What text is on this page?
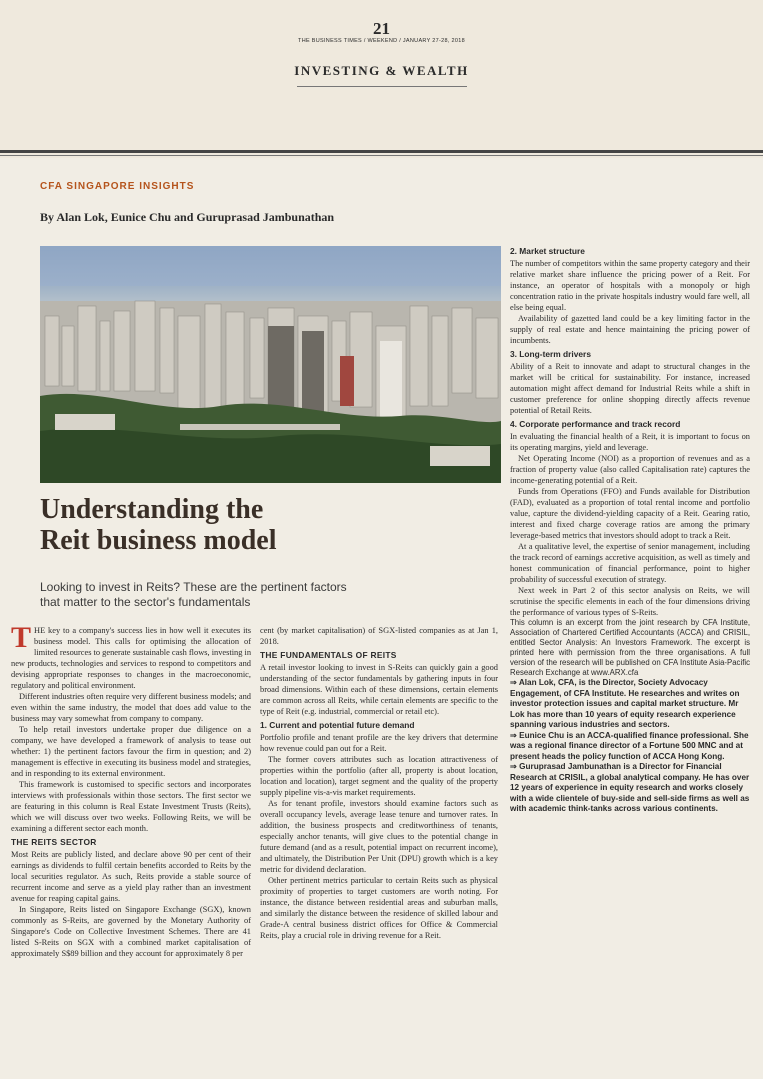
21
THE BUSINESS TIMES / WEEKEND / JANUARY 27-28, 2018
INVESTING & WEALTH
CFA SINGAPORE INSIGHTS
By Alan Lok, Eunice Chu and Guruprasad Jambunathan
Understanding the
Reit business model
Looking to invest in Reits? These are the pertinent factors that matter to the sector's fundamentals

THE key to a company's success lies in how well it executes its business model. This calls for optimising the allocation of limited resources to generate sustainable cash flows, investing in new products, technologies and services to respond to competitors and devising appropriate responses to changes in the macroeconomic, regulatory and political environment.

Different industries often require very different business models; and even within the same industry, the model that does add value to the business may vary somewhat from company to company.

To help retail investors undertake proper due diligence on a company, we have developed a framework of analysis to tease out whether: 1) the pertinent factors favour the firm in question; and 2) management is effective in executing its business model and strategies, and in responding to its external environment.

This framework is customised to specific sectors and incorporates interviews with professionals within those sectors. The first sector we are featuring in this column is Real Estate Investment Trusts (Reits), which we will discuss over two weeks. Following Reits, we will be examining a different sector each month.

THE REITS SECTOR

Most Reits are publicly listed, and declare above 90 per cent of their earnings as dividends to fulfil certain benefits accorded to Reits by the local securities regulator. As such, Reits provide a stable source of recurrent income and serve as a yield play rather than an investment avenue for reaping capital gains.

In Singapore, Reits listed on Singapore Exchange (SGX), known commonly as S-Reits, are governed by the Monetary Authority of Singapore's Code on Collective Investment Schemes. There are 41 listed S-Reits on SGX with a combined market capitalisation of approximately S$89 billion and they account for approximately 8 per

cent (by market capitalisation) of SGX-listed companies as at Jan 1, 2018.

THE FUNDAMENTALS OF REITS

A retail investor looking to invest in S-Reits can quickly gain a good understanding of the sector fundamentals by gathering inputs in four broad dimensions. Within each of these dimensions, certain elements are common across all Reits, while certain elements are specific to the type of Reit (e.g. industrial, commercial or retail etc).

1. Current and potential future demand

Portfolio profile and tenant profile are the key drivers that determine how revenue could pan out for a Reit.

The former covers attributes such as location attractiveness of properties within the portfolio (after all, property is about location, location and location), target segment and the quality of the property supply pipeline vis-a-vis market requirements.

As for tenant profile, investors should examine factors such as overall occupancy levels, average lease tenure and turnover rates. In addition, the business prospects and creditworthiness of tenants, especially anchor tenants, will give clues to the potential change in future demand (and as a result, potential impact on recurrent income), and ultimately, the Distribution Per Unit (DPU) growth which is a key metric for dividend declaration.

Other pertinent metrics particular to certain Reits such as physical proximity of properties to target customers are worth noting. For instance, the distance between residential areas and suburban malls, and similarly the distance between the residence of skilled labour and Grade-A central business district offices for Office & Commercial Reits, play a crucial role in driving revenue for a Reit.

2. Market structure

The number of competitors within the same property category and their relative market share influence the pricing power of a Reit. For instance, an operator of hospitals with a monopoly or high concentration ratio in the private hospitals industry would fare well, all else being equal.

Availability of gazetted land could be a key limiting factor in the supply of real estate and hence maintaining the pricing power of incumbents.

3. Long-term drivers

Ability of a Reit to innovate and adapt to structural changes in the market will be critical for sustainability. For instance, increased automation might affect demand for Industrial Reits while a shift in customer preference for online shopping directly affects revenue potential of Retail Reits.

4. Corporate performance and track record

In evaluating the financial health of a Reit, it is important to focus on its operating margins, yield and leverage.

Net Operating Income (NOI) as a proportion of revenues and as a fraction of property value (also called Capitalisation rate) captures the income-generating potential of a Reit.

Funds from Operations (FFO) and Funds available for Distribution (FAD), evaluated as a proportion of total rental income and portfolio value, capture the dividend-yielding capacity of a Reit. Gearing ratio, interest and fixed charge coverage ratios are among the primary leverage-based metrics that investors should adopt to track a Reit.

At a qualitative level, the expertise of senior management, including the track record of earnings accretive acquisition, as well as timely and honest communication of financial performance, point to higher probability of successful execution of strategy.

Next week in Part 2 of this sector analysis on Reits, we will scrutinise the specific elements in each of the four dimensions driving the performance of various types of S-Reits.

This column is an excerpt from the joint research by CFA Institute, Association of Chartered Certified Accountants (ACCA) and CRISIL, entitled Sector Analysis: An Investors Framework. The excerpt is printed here with permission from the three organisations. A full version of the research will be published on CFA Institute Asia-Pacific Research Exchange at www.ARX.cfa

⇒ Alan Lok, CFA, is the Director, Society Advocacy Engagement, of CFA Institute. He researches and writes on investor protection issues and capital market structure. Mr Lok has more than 10 years of equity research experience spanning various industries and sectors.

⇒ Eunice Chu is an ACCA-qualified finance professional. She was a regional finance director of a Fortune 500 MNC and at present heads the policy function of ACCA Hong Kong.

⇒ Guruprasad Jambunathan is a Director for Financial Research at CRISIL, a global analytical company. He has over 12 years of experience in equity research and works closely with a wide clientele of buy-side and sell-side firms as well as with academic think-tanks across various continents.
